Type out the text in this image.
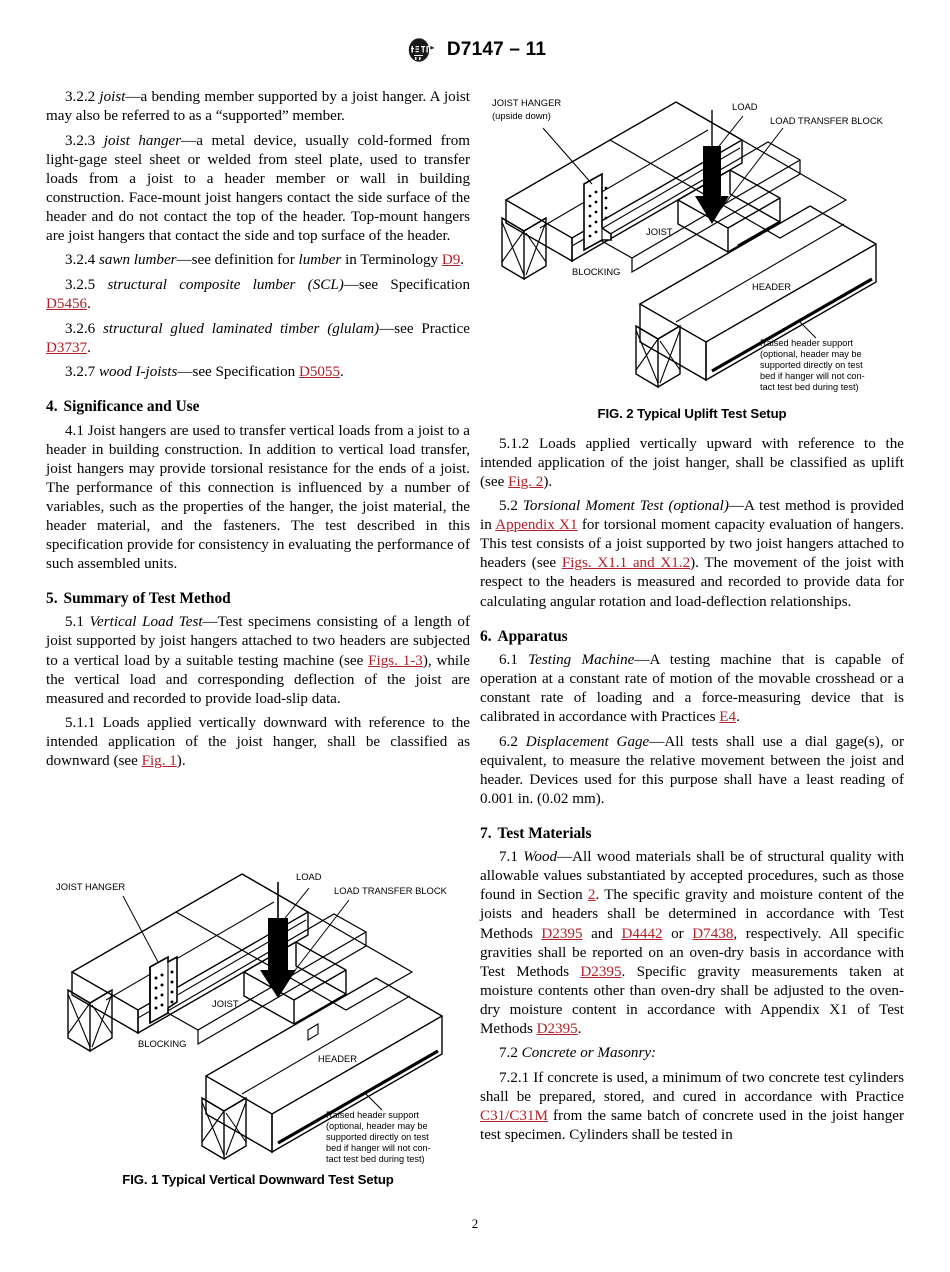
D7147 – 11

3.2.2 joist—a bending member supported by a joist hanger. A joist may also be referred to as a “supported” member.

3.2.3 joist hanger—a metal device, usually cold-formed from light-gage steel sheet or welded from steel plate, used to transfer loads from a joist to a header member or wall in building construction. Face-mount joist hangers contact the side surface of the header and do not contact the top of the header. Top-mount hangers are joist hangers that contact the side and top surface of the header.

3.2.4 sawn lumber—see definition for lumber in Terminology D9.

3.2.5 structural composite lumber (SCL)—see Specification D5456.

3.2.6 structural glued laminated timber (glulam)—see Practice D3737.

3.2.7 wood I-joists—see Specification D5055.

4. Significance and Use

4.1 Joist hangers are used to transfer vertical loads from a joist to a header in building construction. In addition to vertical load transfer, joist hangers may provide torsional resistance for the ends of a joist. The performance of this connection is influenced by a number of variables, such as the properties of the hanger, the joist material, the header material, and the fasteners. The test described in this specification provide for consistency in evaluating the performance of such assembled units.

5. Summary of Test Method

5.1 Vertical Load Test—Test specimens consisting of a length of joist supported by joist hangers attached to two headers are subjected to a vertical load by a suitable testing machine (see Figs. 1-3), while the vertical load and corresponding deflection of the joist are measured and recorded to provide load-slip data.

5.1.1 Loads applied vertically downward with reference to the intended application of the joist hanger, shall be classified as downward (see Fig. 1).

JOIST HANGER
LOAD
LOAD TRANSFER BLOCK
JOIST
BLOCKING
HEADER
Raised header support
(optional, header may be
supported directly on test
bed if hanger will not con-
tact test bed during test)
FIG. 1 Typical Vertical Downward Test Setup
JOIST HANGER
(upside down)
LOAD
LOAD TRANSFER BLOCK
JOIST
BLOCKING
HEADER
Raised header support
(optional, header may be
supported directly on test
bed if hanger will not con-
tact test bed during test)
FIG. 2 Typical Uplift Test Setup

5.1.2 Loads applied vertically upward with reference to the intended application of the joist hanger, shall be classified as uplift (see Fig. 2).

5.2 Torsional Moment Test (optional)—A test method is provided in Appendix X1 for torsional moment capacity evaluation of hangers. This test consists of a joist supported by two joist hangers attached to headers (see Figs. X1.1 and X1.2). The movement of the joist with respect to the headers is measured and recorded to provide data for calculating angular rotation and load-deflection relationships.

6. Apparatus

6.1 Testing Machine—A testing machine that is capable of operation at a constant rate of motion of the movable crosshead or a constant rate of loading and a force-measuring device that is calibrated in accordance with Practices E4.

6.2 Displacement Gage—All tests shall use a dial gage(s), or equivalent, to measure the relative movement between the joist and header. Devices used for this purpose shall have a least reading of 0.001 in. (0.02 mm).

7. Test Materials

7.1 Wood—All wood materials shall be of structural quality with allowable values substantiated by accepted procedures, such as those found in Section 2. The specific gravity and moisture content of the joists and headers shall be determined in accordance with Test Methods D2395 and D4442 or D7438, respectively. All specific gravities shall be reported on an oven-dry basis in accordance with Test Methods D2395. Specific gravity measurements taken at moisture contents other than oven-dry shall be adjusted to the oven-dry moisture content in accordance with Appendix X1 of Test Methods D2395.

7.2 Concrete or Masonry:

7.2.1 If concrete is used, a minimum of two concrete test cylinders shall be prepared, stored, and cured in accordance with Practice C31/C31M from the same batch of concrete used in the joist hanger test specimen. Cylinders shall be tested in

2
